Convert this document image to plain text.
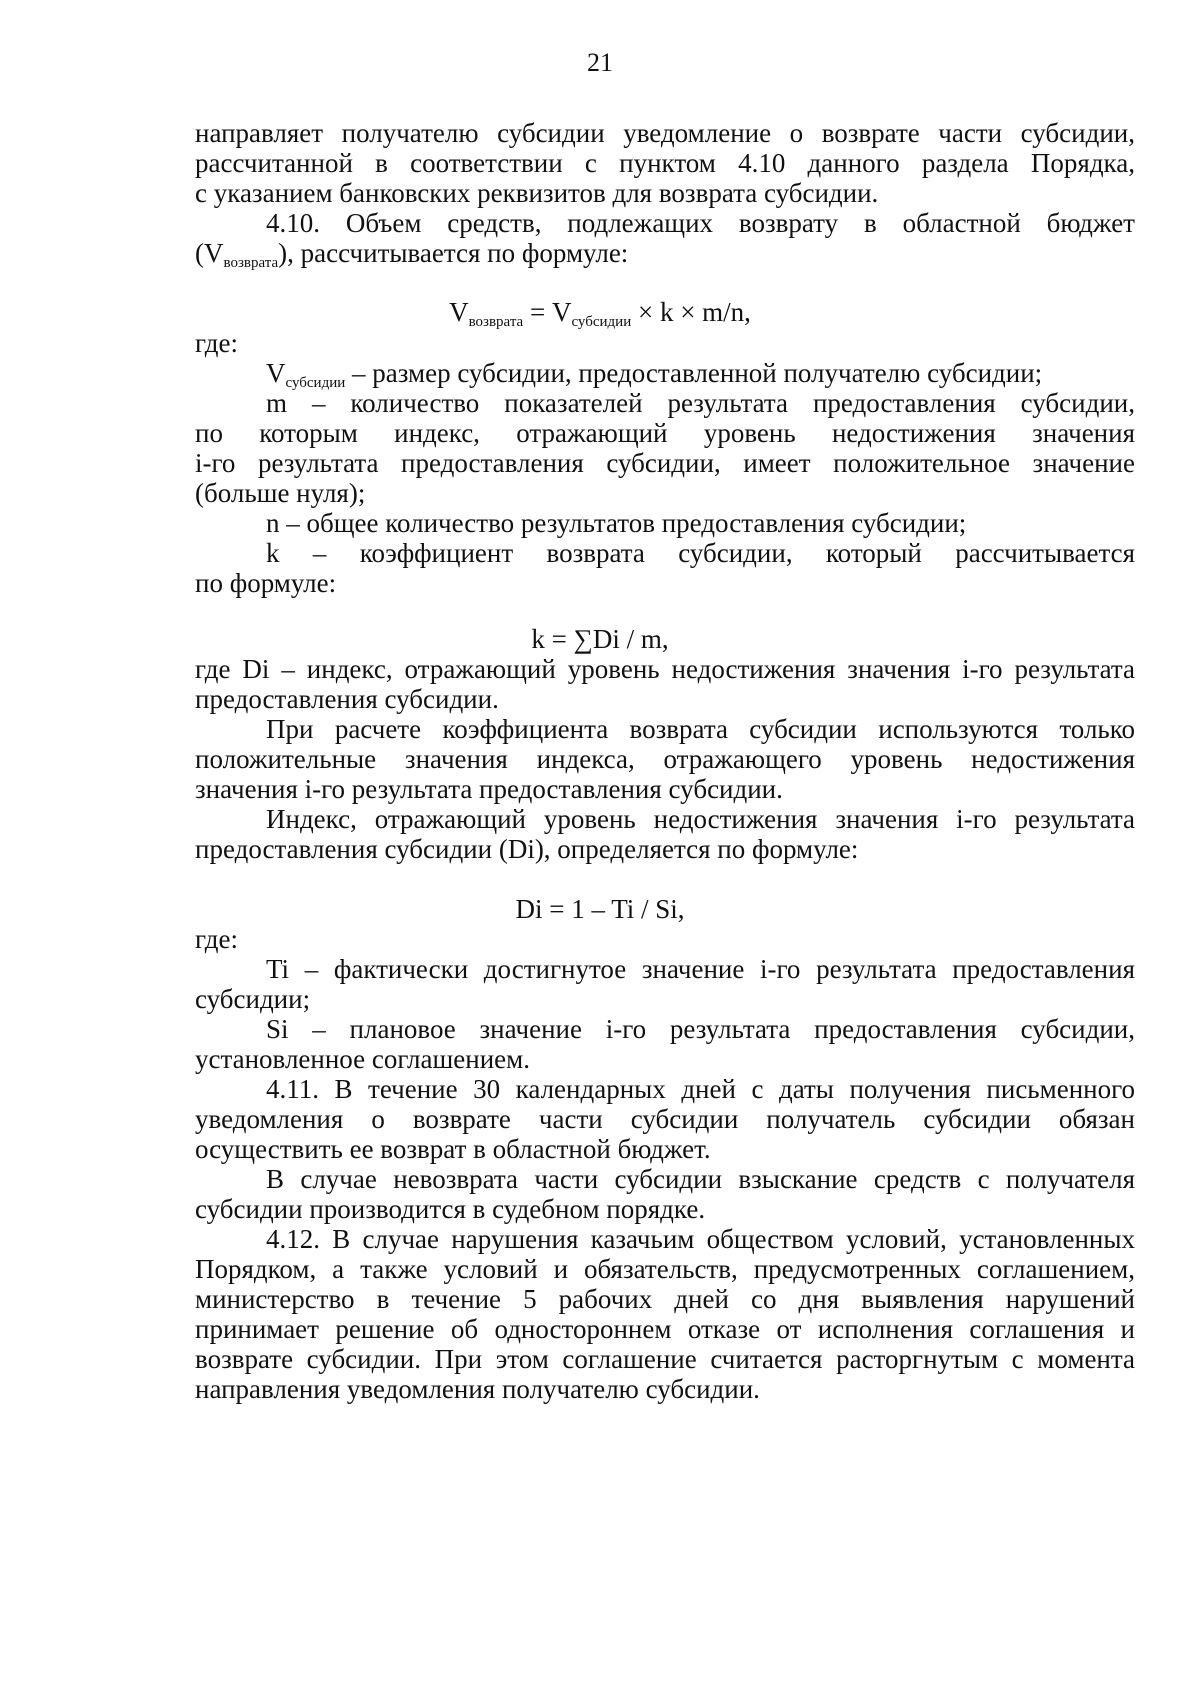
21
направляет получателю субсидии уведомление о возврате части субсидии,
рассчитанной в соответствии с пунктом 4.10 данного раздела Порядка,
с указанием банковских реквизитов для возврата субсидии.
4.10. Объем средств, подлежащих возврату в областной бюджет
$(V_{возврата})$, рассчитывается по формуле:
$V_{возврата} = V_{субсидии} \times k \times m/n$,
где:
$V_{субсидии}$ – размер субсидии, предоставленной получателю субсидии;
m – количество показателей результата предоставления субсидии,
по которым индекс, отражающий уровень недостижения значения
i-го результата предоставления субсидии, имеет положительное значение
(больше нуля);
n – общее количество результатов предоставления субсидии;
k – коэффициент возврата субсидии, который рассчитывается
по формуле:
k = ∑Di / m,
где Di – индекс, отражающий уровень недостижения значения i-го результата
предоставления субсидии.
При расчете коэффициента возврата субсидии используются только
положительные значения индекса, отражающего уровень недостижения
значения i-го результата предоставления субсидии.
Индекс, отражающий уровень недостижения значения i-го результата
предоставления субсидии (Di), определяется по формуле:
Di = 1 – Ti / Si,
где:
Ti – фактически достигнутое значение i-го результата предоставления
субсидии;
Si – плановое значение i-го результата предоставления субсидии,
установленное соглашением.
4.11. В течение 30 календарных дней с даты получения письменного
уведомления о возврате части субсидии получатель субсидии обязан
осуществить ее возврат в областной бюджет.
В случае невозврата части субсидии взыскание средств с получателя
субсидии производится в судебном порядке.
4.12. В случае нарушения казачьим обществом условий, установленных
Порядком, а также условий и обязательств, предусмотренных соглашением,
министерство в течение 5 рабочих дней со дня выявления нарушений
принимает решение об одностороннем отказе от исполнения соглашения и
возврате субсидии. При этом соглашение считается расторгнутым с момента
направления уведомления получателю субсидии.
